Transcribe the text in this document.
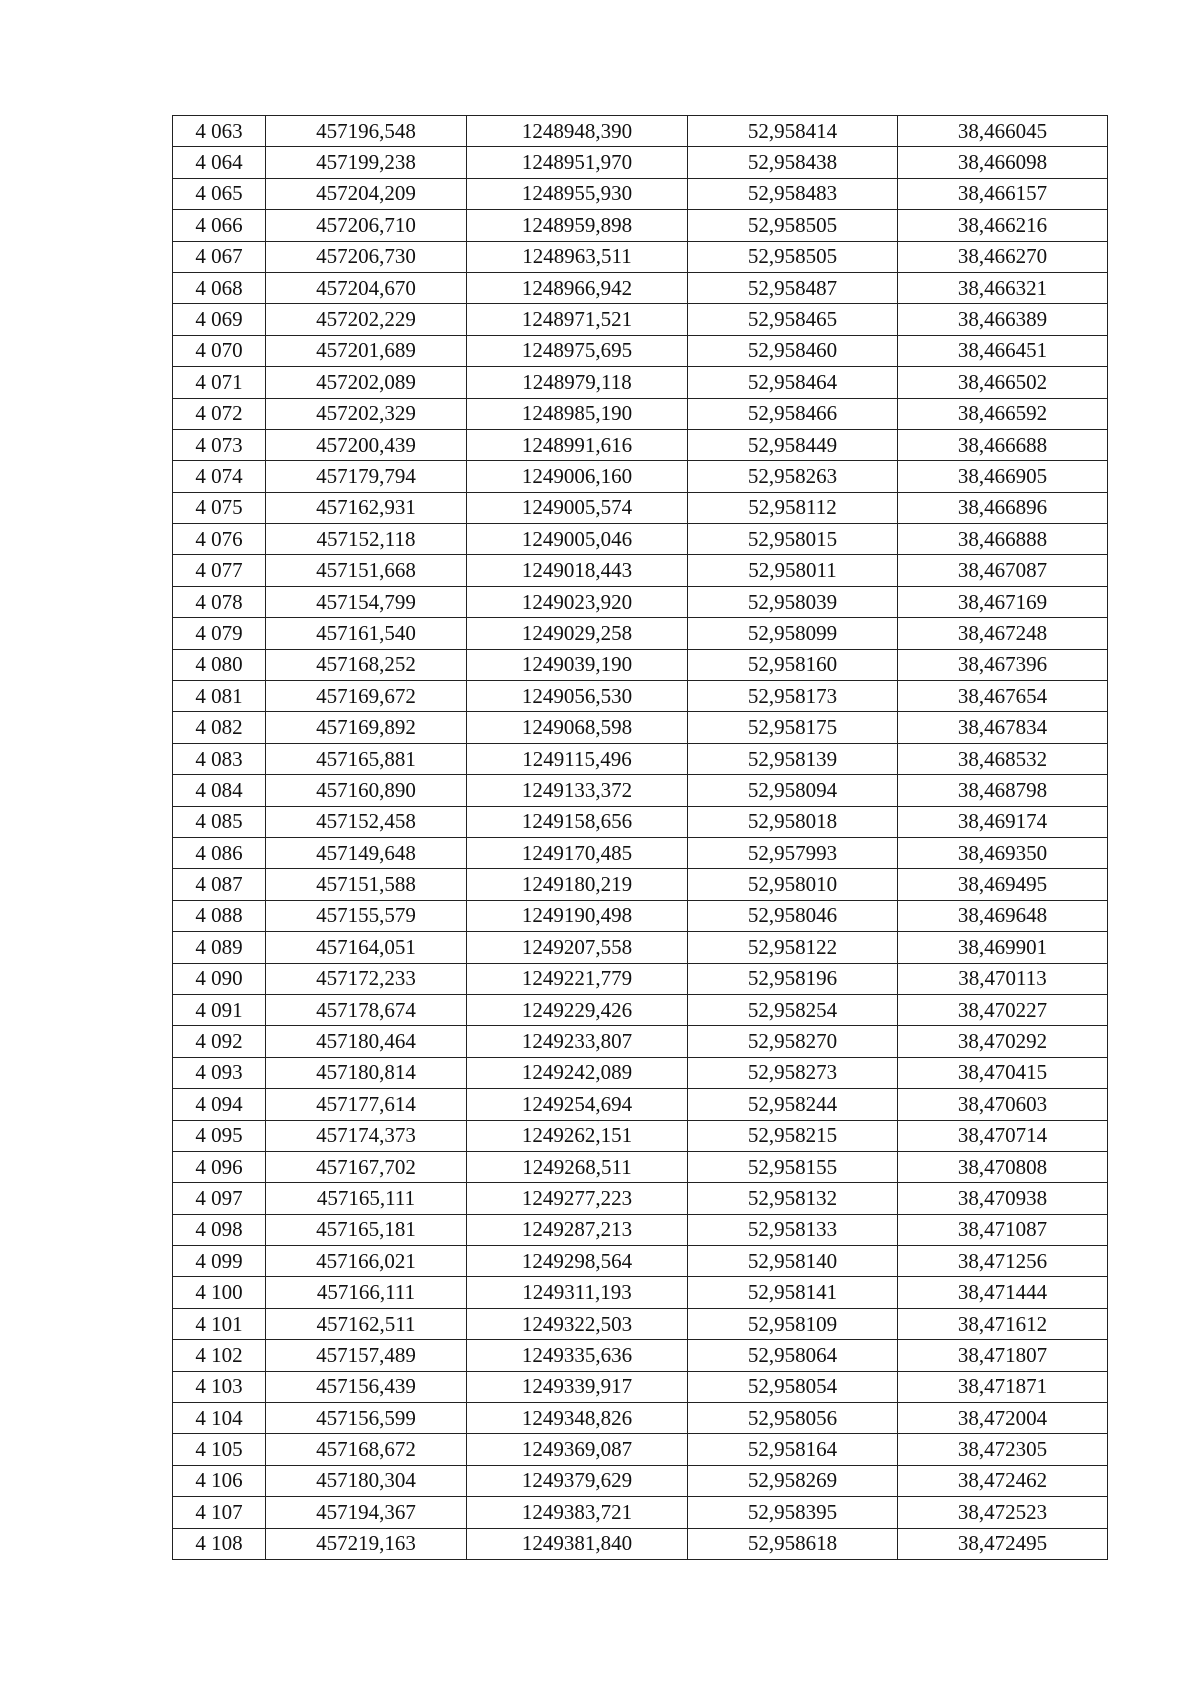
4 063	457196,548	1248948,390	52,958414	38,466045
4 064	457199,238	1248951,970	52,958438	38,466098
4 065	457204,209	1248955,930	52,958483	38,466157
4 066	457206,710	1248959,898	52,958505	38,466216
4 067	457206,730	1248963,511	52,958505	38,466270
4 068	457204,670	1248966,942	52,958487	38,466321
4 069	457202,229	1248971,521	52,958465	38,466389
4 070	457201,689	1248975,695	52,958460	38,466451
4 071	457202,089	1248979,118	52,958464	38,466502
4 072	457202,329	1248985,190	52,958466	38,466592
4 073	457200,439	1248991,616	52,958449	38,466688
4 074	457179,794	1249006,160	52,958263	38,466905
4 075	457162,931	1249005,574	52,958112	38,466896
4 076	457152,118	1249005,046	52,958015	38,466888
4 077	457151,668	1249018,443	52,958011	38,467087
4 078	457154,799	1249023,920	52,958039	38,467169
4 079	457161,540	1249029,258	52,958099	38,467248
4 080	457168,252	1249039,190	52,958160	38,467396
4 081	457169,672	1249056,530	52,958173	38,467654
4 082	457169,892	1249068,598	52,958175	38,467834
4 083	457165,881	1249115,496	52,958139	38,468532
4 084	457160,890	1249133,372	52,958094	38,468798
4 085	457152,458	1249158,656	52,958018	38,469174
4 086	457149,648	1249170,485	52,957993	38,469350
4 087	457151,588	1249180,219	52,958010	38,469495
4 088	457155,579	1249190,498	52,958046	38,469648
4 089	457164,051	1249207,558	52,958122	38,469901
4 090	457172,233	1249221,779	52,958196	38,470113
4 091	457178,674	1249229,426	52,958254	38,470227
4 092	457180,464	1249233,807	52,958270	38,470292
4 093	457180,814	1249242,089	52,958273	38,470415
4 094	457177,614	1249254,694	52,958244	38,470603
4 095	457174,373	1249262,151	52,958215	38,470714
4 096	457167,702	1249268,511	52,958155	38,470808
4 097	457165,111	1249277,223	52,958132	38,470938
4 098	457165,181	1249287,213	52,958133	38,471087
4 099	457166,021	1249298,564	52,958140	38,471256
4 100	457166,111	1249311,193	52,958141	38,471444
4 101	457162,511	1249322,503	52,958109	38,471612
4 102	457157,489	1249335,636	52,958064	38,471807
4 103	457156,439	1249339,917	52,958054	38,471871
4 104	457156,599	1249348,826	52,958056	38,472004
4 105	457168,672	1249369,087	52,958164	38,472305
4 106	457180,304	1249379,629	52,958269	38,472462
4 107	457194,367	1249383,721	52,958395	38,472523
4 108	457219,163	1249381,840	52,958618	38,472495
